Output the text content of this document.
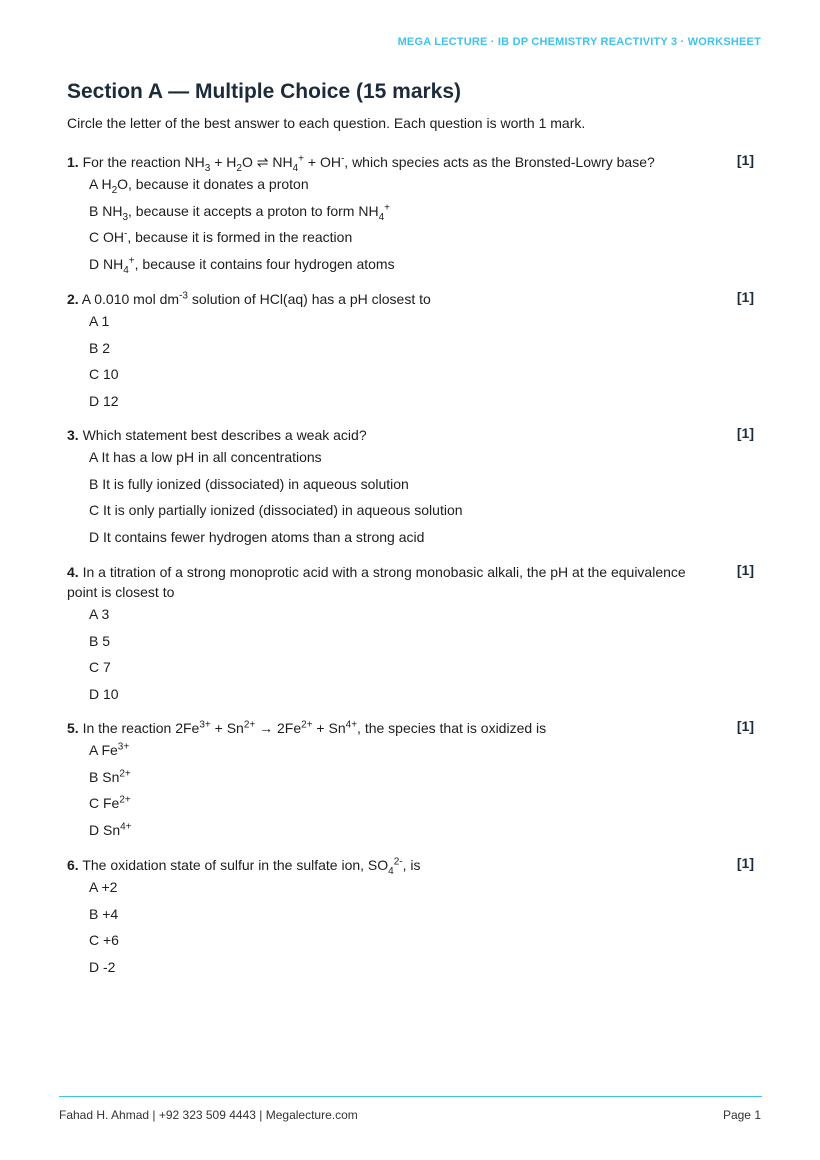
MEGA LECTURE · IB DP CHEMISTRY REACTIVITY 3 · WORKSHEET
Section A — Multiple Choice (15 marks)
Circle the letter of the best answer to each question. Each question is worth 1 mark.
1. For the reaction $NH_3 + H_2O$ ⇌ $NH_4^+ + OH^-$, which species acts as the Bronsted-Lowry base?	[1]
A $H_2O$, because it donates a proton
B $NH_3$, because it accepts a proton to form $NH_4^+$
C OH-, because it is formed in the reaction
D $NH_4^+$, because it contains four hydrogen atoms
2. A 0.010 mol $dm^{-3}$ solution of HCl(aq) has a pH closest to	[1]
A 1
B 2
C 10
D 12
3. Which statement best describes a weak acid?	[1]
A It has a low pH in all concentrations
B It is fully ionized (dissociated) in aqueous solution
C It is only partially ionized (dissociated) in aqueous solution
D It contains fewer hydrogen atoms than a strong acid
4. In a titration of a strong monoprotic acid with a strong monobasic alkali, the pH at the equivalence point is closest to
[1]
A 3
B 5
C 7
D 10
5. In the reaction $2Fe^{3+} + Sn^{2+} \to 2Fe^{2+} + Sn^{4+}$, the species that is oxidized is	[1]
A $Fe^{3+}$
B $Sn^{2+}$
C $Fe^{2+}$
D $Sn^{4+}$
6. The oxidation state of sulfur in the sulfate ion, $SO_4^{2-}$, is	[1]
A +2
B +4
C +6
D -2
Fahad H. Ahmad | +92 323 509 4443 | Megalecture.com	Page 1
